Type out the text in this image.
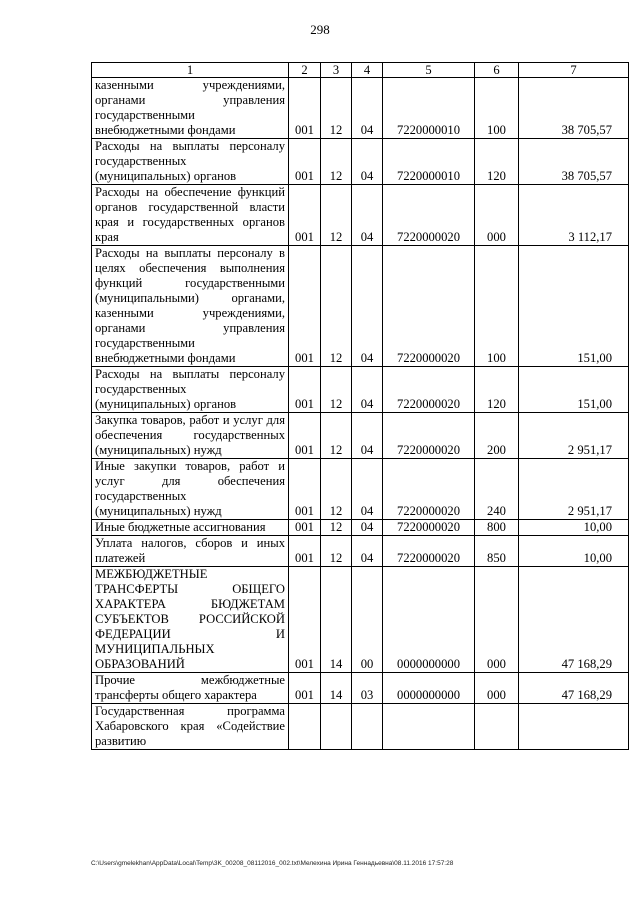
298
1	2	3	4	5	6	7
казенными учреждениями, органами управления государственными внебюджетными фондами	001	12	04	7220000010	100	38 705,57
Расходы на выплаты персоналу государственных (муниципальных) органов	001	12	04	7220000010	120	38 705,57
Расходы на обеспечение функций органов государственной власти края и государственных органов края	001	12	04	7220000020	000	3 112,17
Расходы на выплаты персоналу в целях обеспечения выполнения функций государственными (муниципальными) органами, казенными учреждениями, органами управления государственными внебюджетными фондами	001	12	04	7220000020	100	151,00
Расходы на выплаты персоналу государственных (муниципальных) органов	001	12	04	7220000020	120	151,00
Закупка товаров, работ и услуг для обеспечения государственных (муниципальных) нужд	001	12	04	7220000020	200	2 951,17
Иные закупки товаров, работ и услуг для обеспечения государственных (муниципальных) нужд	001	12	04	7220000020	240	2 951,17
Иные бюджетные ассигнования	001	12	04	7220000020	800	10,00
Уплата налогов, сборов и иных платежей	001	12	04	7220000020	850	10,00
МЕЖБЮДЖЕТНЫЕ ТРАНСФЕРТЫ ОБЩЕГО ХАРАКТЕРА БЮДЖЕТАМ СУБЪЕКТОВ РОССИЙСКОЙ ФЕДЕРАЦИИ И МУНИЦИПАЛЬНЫХ ОБРАЗОВАНИЙ	001	14	00	0000000000	000	47 168,29
Прочие межбюджетные трансферты общего характера	001	14	03	0000000000	000	47 168,29
Государственная программа Хабаровского края «Содействие развитию						
C:\Users\gmelekhan\AppData\Local\Temp\3K_00208_08112016_002.txt\Мелехина Ирина Геннадьевна\08.11.2016 17:57:28
